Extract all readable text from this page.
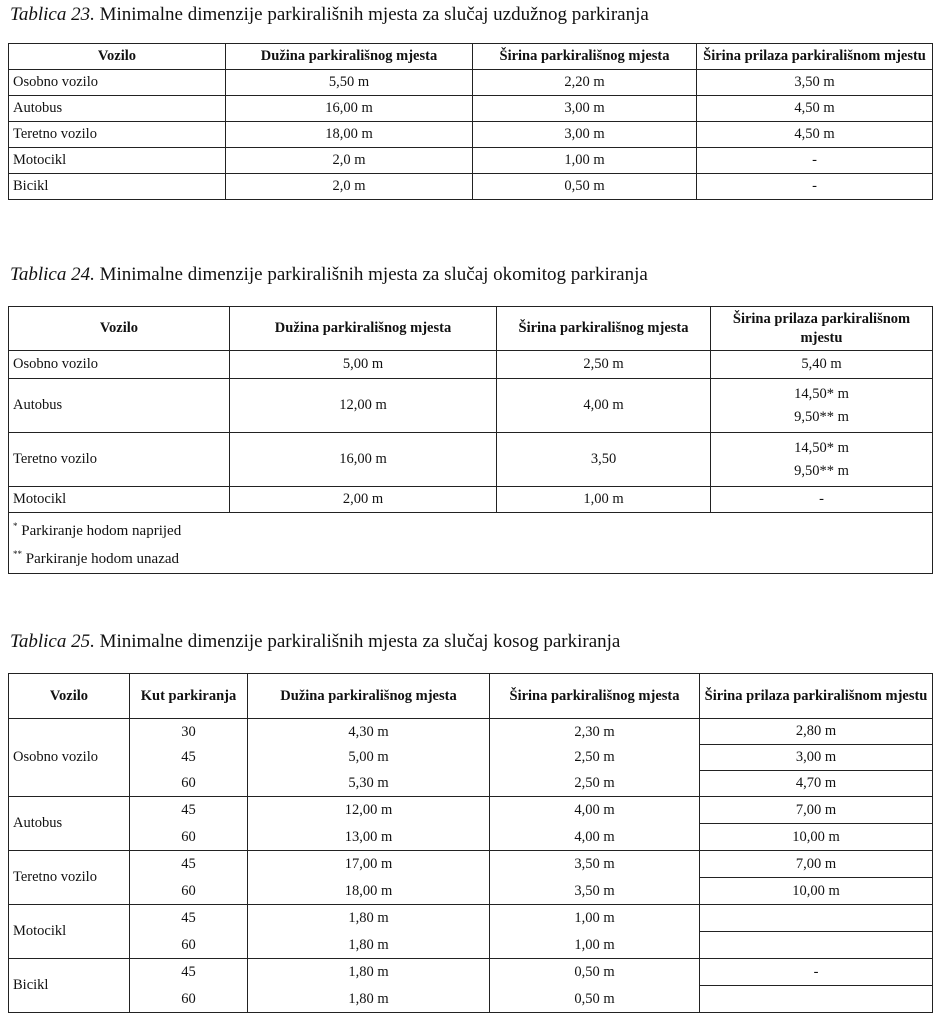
Tablica 23. Minimalne dimenzije parkirališnih mjesta za slučaj uzdužnog parkiranja
Vozilo	Dužina parkirališnog mjesta	Širina parkirališnog mjesta	Širina prilaza parkirališnom mjestu
Osobno vozilo	5,50 m	2,20 m	3,50 m
Autobus	16,00 m	3,00 m	4,50 m
Teretno vozilo	18,00 m	3,00 m	4,50 m
Motocikl	2,0 m	1,00 m	-
Bicikl	2,0 m	0,50 m	-
Tablica 24. Minimalne dimenzije parkirališnih mjesta za slučaj okomitog parkiranja
Vozilo	Dužina parkirališnog mjesta	Širina parkirališnog mjesta	Širina prilaza parkirališnom mjestu
Osobno vozilo	5,00 m	2,50 m	5,40 m
Autobus	12,00 m	4,00 m	14,50* m
9,50** m

Teretno vozilo	16,00 m	3,50	14,50* m
9,50** m

Motocikl	2,00 m	1,00 m	-

* Parkiranje hodom naprijed
** Parkiranje hodom unazad			
Tablica 25. Minimalne dimenzije parkirališnih mjesta za slučaj kosog parkiranja
Vozilo	Kut parkiranja	Dužina parkirališnog mjesta	Širina parkirališnog mjesta	Širina prilaza parkirališnom mjestu
Osobno vozilo	30	4,30 m	2,30 m	2,80 m
	45	5,00 m	2,50 m	3,00 m
	60	5,30 m	2,50 m	4,70 m
Autobus	45	12,00 m	4,00 m	7,00 m
	60	13,00 m	4,00 m	10,00 m
Teretno vozilo	45	17,00 m	3,50 m	7,00 m
	60	18,00 m	3,50 m	10,00 m
Motocikl	45	1,80 m	1,00 m	
	60	1,80 m	1,00 m	
Bicikl	45	1,80 m	0,50 m	-
	60	1,80 m	0,50 m	
